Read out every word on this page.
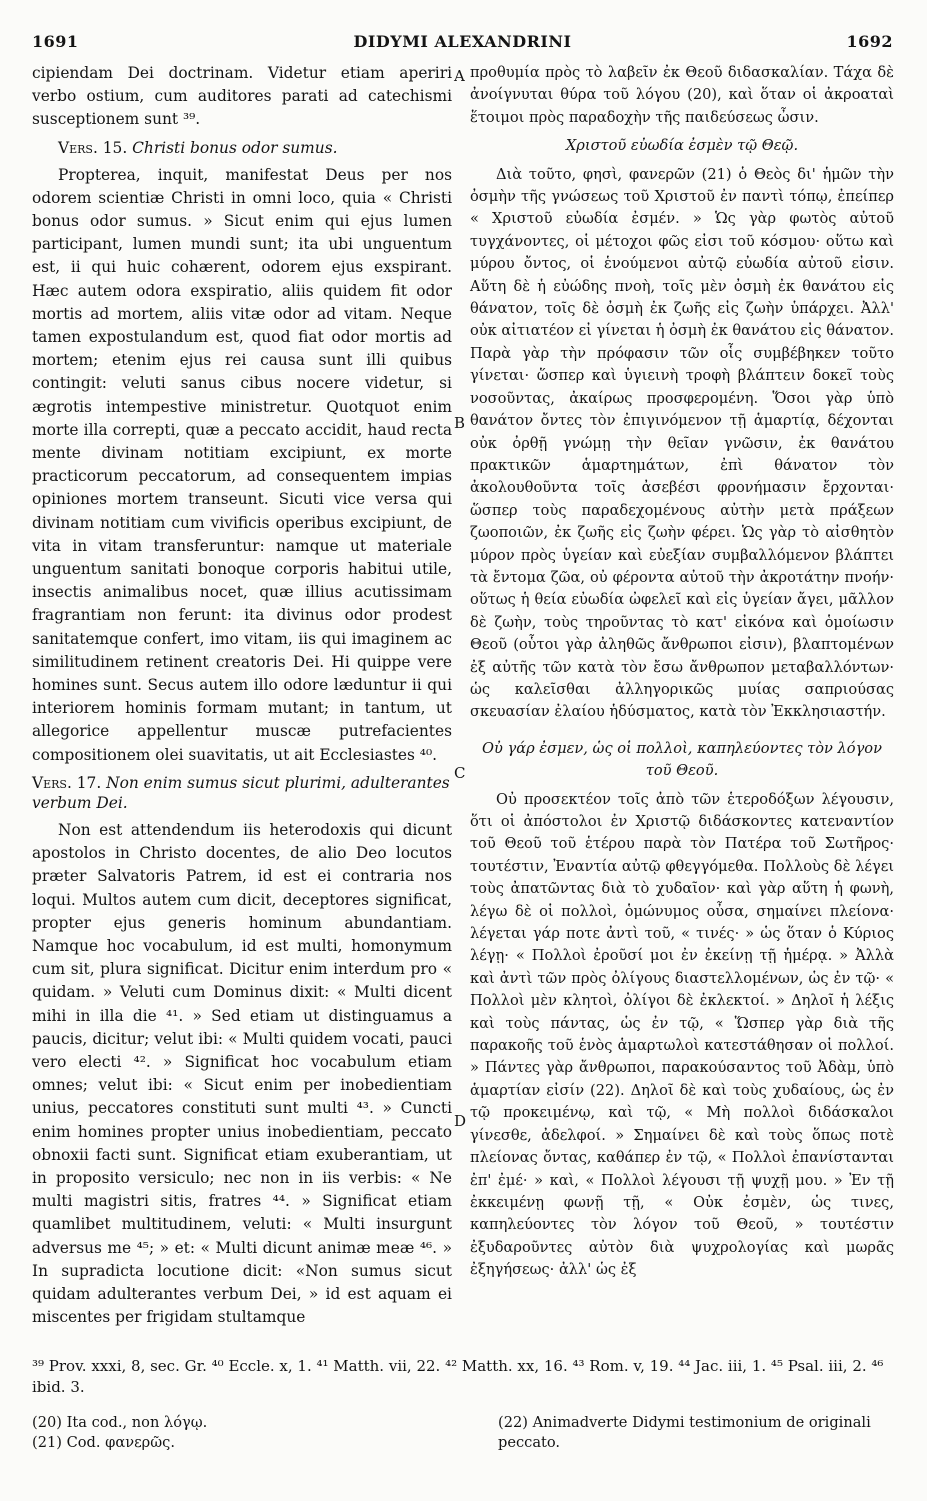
1691	DIDYMI ALEXANDRINI	1692

cipiendam Dei doctrinam. Videtur etiam aperiri verbo ostium, cum auditores parati ad catechismi susceptionem sunt ³⁹.

Vers. 15. Christi bonus odor sumus.

Propterea, inquit, manifestat Deus per nos odorem scientiæ Christi in omni loco, quia « Christi bonus odor sumus. » Sicut enim qui ejus lumen participant, lumen mundi sunt; ita ubi unguentum est, ii qui huic cohærent, odorem ejus exspirant. Hæc autem odora exspiratio, aliis quidem fit odor mortis ad mortem, aliis vitæ odor ad vitam. Neque tamen expostulandum est, quod fiat odor mortis ad mortem; etenim ejus rei causa sunt illi quibus contingit: veluti sanus cibus nocere videtur, si ægrotis intempestive ministretur. Quotquot enim morte illa correpti, quæ a peccato accidit, haud recta mente divinam notitiam excipiunt, ex morte practicorum peccatorum, ad consequentem impias opiniones mortem transeunt. Sicuti vice versa qui divinam notitiam cum vivificis operibus excipiunt, de vita in vitam transferuntur: namque ut materiale unguentum sanitati bonoque corporis habitui utile, insectis animalibus nocet, quæ illius acutissimam fragrantiam non ferunt: ita divinus odor prodest sanitatemque confert, imo vitam, iis qui imaginem ac similitudinem retinent creatoris Dei. Hi quippe vere homines sunt. Secus autem illo odore læduntur ii qui interiorem hominis formam mutant; in tantum, ut allegorice appellentur muscæ putrefacientes compositionem olei suavitatis, ut ait Ecclesiastes ⁴⁰.

Vers. 17. Non enim sumus sicut plurimi, adulterantes verbum Dei.

Non est attendendum iis heterodoxis qui dicunt apostolos in Christo docentes, de alio Deo locutos præter Salvatoris Patrem, id est ei contraria nos loqui. Multos autem cum dicit, deceptores significat, propter ejus generis hominum abundantiam. Namque hoc vocabulum, id est multi, homonymum cum sit, plura significat. Dicitur enim interdum pro « quidam. » Veluti cum Dominus dixit: « Multi dicent mihi in illa die ⁴¹. » Sed etiam ut distinguamus a paucis, dicitur; velut ibi: « Multi quidem vocati, pauci vero electi ⁴². » Significat hoc vocabulum etiam omnes; velut ibi: « Sicut enim per inobedientiam unius, peccatores constituti sunt multi ⁴³. » Cuncti enim homines propter unius inobedientiam, peccato obnoxii facti sunt. Significat etiam exuberantiam, ut in proposito versiculo; nec non in iis verbis: « Ne multi magistri sitis, fratres ⁴⁴. » Significat etiam quamlibet multitudinem, veluti: « Multi insurgunt adversus me ⁴⁵; » et: « Multi dicunt animæ meæ ⁴⁶. » In supradicta locutione dicit: «Non sumus sicut quidam adulterantes verbum Dei, » id est aquam ei miscentes per frigidam stultamque

A
B
C
D

προθυμία πρὸς τὸ λαβεῖν ἐκ Θεοῦ διδασκαλίαν. Τάχα δὲ ἀνοίγνυται θύρα τοῦ λόγου (20), καὶ ὅταν οἱ ἀκροαταὶ ἕτοιμοι πρὸς παραδοχὴν τῆς παιδεύσεως ὦσιν.

Χριστοῦ εὐωδία ἐσμὲν τῷ Θεῷ.

Διὰ τοῦτο, φησὶ, φανερῶν (21) ὁ Θεὸς δι' ἡμῶν τὴν ὀσμὴν τῆς γνώσεως τοῦ Χριστοῦ ἐν παντὶ τόπῳ, ἐπείπερ « Χριστοῦ εὐωδία ἐσμέν. » Ὡς γὰρ φωτὸς αὐτοῦ τυγχάνοντες, οἱ μέτοχοι φῶς εἰσι τοῦ κόσμου· οὕτω καὶ μύρου ὄντος, οἱ ἑνούμενοι αὐτῷ εὐωδία αὐτοῦ εἰσιν. Αὕτη δὲ ἡ εὐώδης πνοὴ, τοῖς μὲν ὀσμὴ ἐκ θανάτου εἰς θάνατον, τοῖς δὲ ὀσμὴ ἐκ ζωῆς εἰς ζωὴν ὑπάρχει. Ἀλλ' οὐκ αἰτιατέον εἰ γίνεται ἡ ὀσμὴ ἐκ θανάτου εἰς θάνατον. Παρὰ γὰρ τὴν πρόφασιν τῶν οἷς συμβέβηκεν τοῦτο γίνεται· ὥσπερ καὶ ὑγιεινὴ τροφὴ βλάπτειν δοκεῖ τοὺς νοσοῦντας, ἀκαίρως προσφερομένη. Ὅσοι γὰρ ὑπὸ θανάτον ὄντες τὸν ἐπιγινόμενον τῇ ἁμαρτίᾳ, δέχονται οὐκ ὀρθῇ γνώμῃ τὴν θεῖαν γνῶσιν, ἐκ θανάτου πρακτικῶν ἁμαρτημάτων, ἐπὶ θάνατον τὸν ἀκολουθοῦντα τοῖς ἀσεβέσι φρονήμασιν ἔρχονται· ὥσπερ τοὺς παραδεχομένους αὐτὴν μετὰ πράξεων ζωοποιῶν, ἐκ ζωῆς εἰς ζωὴν φέρει. Ὡς γὰρ τὸ αἰσθητὸν μύρον πρὸς ὑγείαν καὶ εὐεξίαν συμβαλλόμενον βλάπτει τὰ ἔντομα ζῶα, οὐ φέροντα αὐτοῦ τὴν ἀκροτάτην πνοήν· οὕτως ἡ θεία εὐωδία ὠφελεῖ καὶ εἰς ὑγείαν ἄγει, μᾶλλον δὲ ζωὴν, τοὺς τηροῦντας τὸ κατ' εἰκόνα καὶ ὁμοίωσιν Θεοῦ (οὗτοι γὰρ ἀληθῶς ἄνθρωποι εἰσιν), βλαπτομένων ἐξ αὐτῆς τῶν κατὰ τὸν ἔσω ἄνθρωπον μεταβαλλόντων· ὡς καλεῖσθαι ἀλληγορικῶς μυίας σαπριούσας σκευασίαν ἐλαίου ἡδύσματος, κατὰ τὸν Ἐκκλησιαστήν.

Οὐ γάρ ἐσμεν, ὡς οἱ πολλοὶ, καπηλεύοντες τὸν λόγον τοῦ Θεοῦ.

Οὐ προσεκτέον τοῖς ἀπὸ τῶν ἑτεροδόξων λέγουσιν, ὅτι οἱ ἀπόστολοι ἐν Χριστῷ διδάσκοντες κατεναντίον τοῦ Θεοῦ τοῦ ἑτέρου παρὰ τὸν Πατέρα τοῦ Σωτῆρος· τουτέστιν, Ἐναντία αὐτῷ φθεγγόμεθα. Πολλοὺς δὲ λέγει τοὺς ἀπατῶντας διὰ τὸ χυδαῖον· καὶ γὰρ αὕτη ἡ φωνὴ, λέγω δὲ οἱ πολλοὶ, ὁμώνυμος οὖσα, σημαίνει πλείονα· λέγεται γάρ ποτε ἀντὶ τοῦ, « τινές· » ὡς ὅταν ὁ Κύριος λέγῃ· « Πολλοὶ ἐροῦσί μοι ἐν ἐκείνῃ τῇ ἡμέρᾳ. » Ἀλλὰ καὶ ἀντὶ τῶν πρὸς ὀλίγους διαστελλομένων, ὡς ἐν τῷ· « Πολλοὶ μὲν κλητοὶ, ὀλίγοι δὲ ἐκλεκτοί. » Δηλοῖ ἡ λέξις καὶ τοὺς πάντας, ὡς ἐν τῷ, « Ὥσπερ γὰρ διὰ τῆς παρακοῆς τοῦ ἑνὸς ἁμαρτωλοὶ κατεστάθησαν οἱ πολλοί. » Πάντες γὰρ ἄνθρωποι, παρακούσαντος τοῦ Ἀδὰμ, ὑπὸ ἁμαρτίαν εἰσίν (22). Δηλοῖ δὲ καὶ τοὺς χυδαίους, ὡς ἐν τῷ προκειμένῳ, καὶ τῷ, « Μὴ πολλοὶ διδάσκαλοι γίνεσθε, ἀδελφοί. » Σημαίνει δὲ καὶ τοὺς ὅπως ποτὲ πλείονας ὄντας, καθάπερ ἐν τῷ, « Πολλοὶ ἐπανίστανται ἐπ' ἐμέ· » καὶ, « Πολλοὶ λέγουσι τῇ ψυχῇ μου. » Ἐν τῇ ἐκκειμένῃ φωνῇ τῇ, « Οὐκ ἐσμὲν, ὡς τινες, καπηλεύοντες τὸν λόγον τοῦ Θεοῦ, » τουτέστιν ἐξυδαροῦντες αὐτὸν διὰ ψυχρολογίας καὶ μωρᾶς ἐξηγήσεως· ἀλλ' ὡς ἐξ

³⁹ Prov. xxxi, 8, sec. Gr. ⁴⁰ Eccle. x, 1. ⁴¹ Matth. vii, 22. ⁴² Matth. xx, 16. ⁴³ Rom. v, 19. ⁴⁴ Jac. iii, 1. ⁴⁵ Psal. iii, 2. ⁴⁶ ibid. 3.
(20) Ita cod., non λόγῳ.
(21) Cod. φανερῶς.
(22) Animadverte Didymi testimonium de originali peccato.
